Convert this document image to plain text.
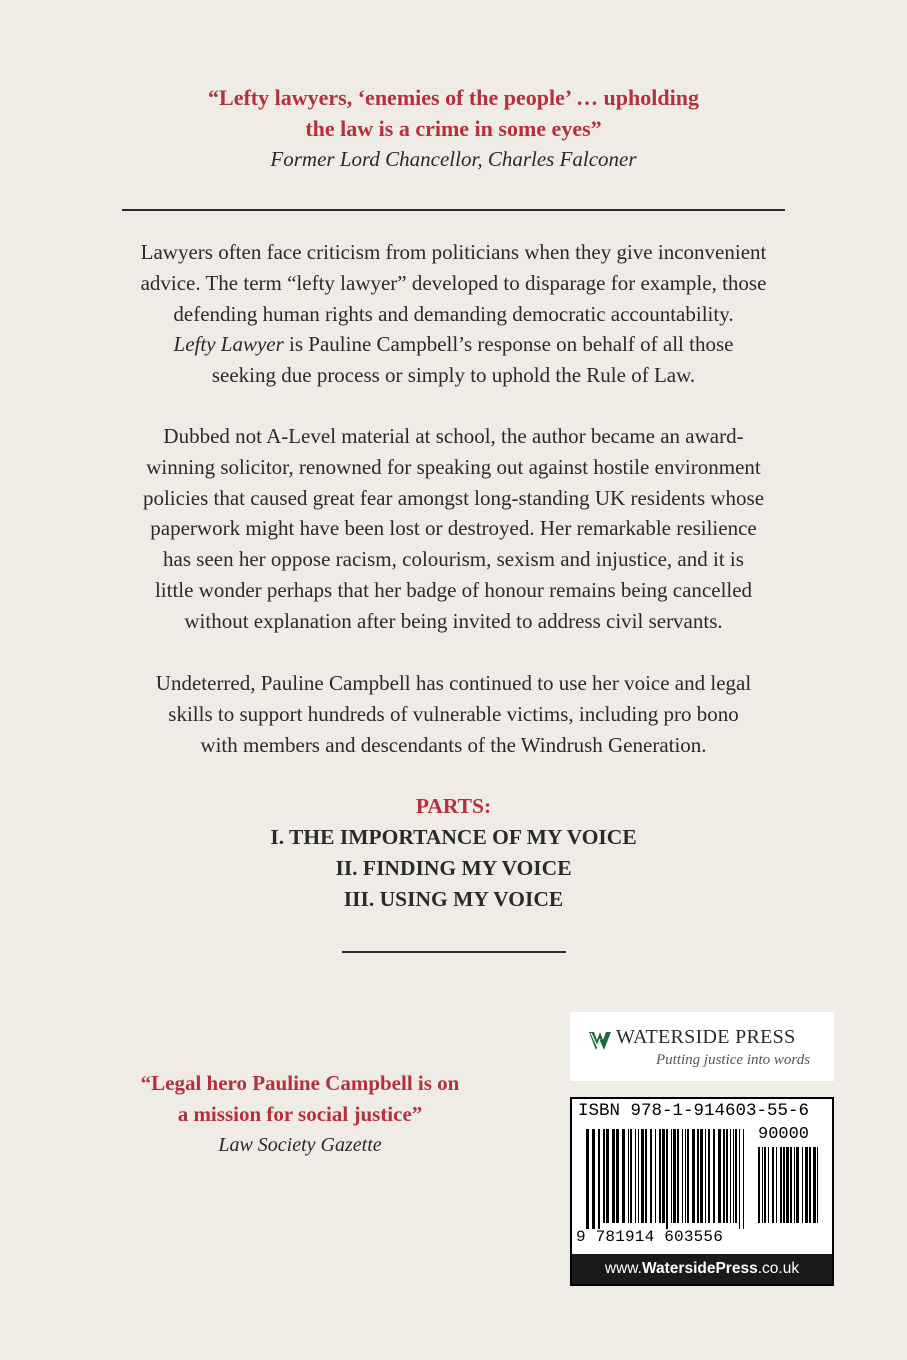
“Lefty lawyers, ‘enemies of the people’ … upholding
the law is a crime in some eyes”
Former Lord Chancellor, Charles Falconer
Lawyers often face criticism from politicians when they give inconvenient
advice. The term “lefty lawyer” developed to disparage for example, those
defending human rights and demanding democratic accountability.
Lefty Lawyer is Pauline Campbell’s response on behalf of all those
seeking due process or simply to uphold the Rule of Law.
Dubbed not A-Level material at school, the author became an award-
winning solicitor, renowned for speaking out against hostile environment
policies that caused great fear amongst long-standing UK residents whose
paperwork might have been lost or destroyed. Her remarkable resilience
has seen her oppose racism, colourism, sexism and injustice, and it is
little wonder perhaps that her badge of honour remains being cancelled
without explanation after being invited to address civil servants.
Undeterred, Pauline Campbell has continued to use her voice and legal
skills to support hundreds of vulnerable victims, including pro bono
with members and descendants of the Windrush Generation.
PARTS:
I. THE IMPORTANCE OF MY VOICE
II. FINDING MY VOICE
III. USING MY VOICE
“Legal hero Pauline Campbell is on
a mission for social justice”
Law Society Gazette
WATERSIDE PRESS
Putting justice into words
ISBN 978-1-914603-55-6
90000
9 781914 603556
www.WatersidePress.co.uk
